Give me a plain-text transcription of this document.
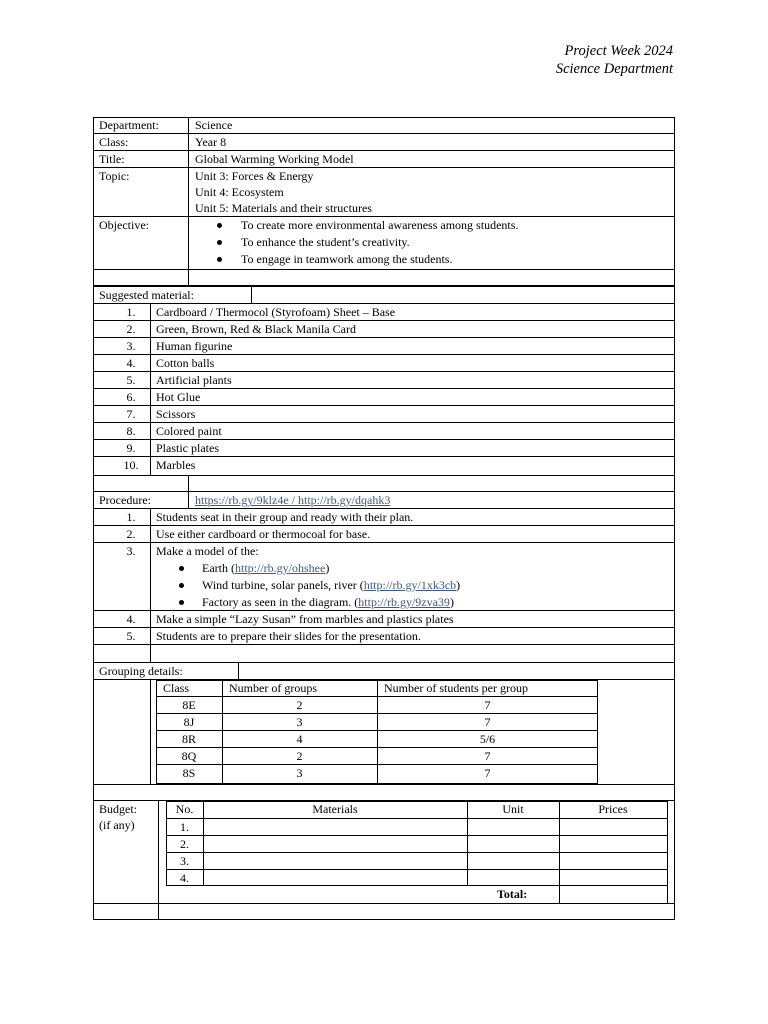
Project Week 2024
Science Department
Department:	Science
Class:	Year 8
Title:	Global Warming Working Model
Topic:	Unit 3: Forces & Energy
Unit 4: Ecosystem
Unit 5: Materials and their structures
Objective:	To create more environmental awareness among students.
To enhance the student’s creativity.
To engage in teamwork among the students.
Suggested material:
1.	Cardboard / Thermocol (Styrofoam) Sheet – Base
2.	Green, Brown, Red & Black Manila Card
3.	Human figurine
4.	Cotton balls
5.	Artificial plants
6.	Hot Glue
7.	Scissors
8.	Colored paint
9.	Plastic plates
10.	Marbles
Procedure:	https://rb.gy/9klz4e / http://rb.gy/dqahk3
1.	Students seat in their group and ready with their plan.
2.	Use either cardboard or thermocoal for base.
3.	Make a model of the:
Earth (http://rb.gy/ohshee)
Wind turbine, solar panels, river (http://rb.gy/1xk3cb)
Factory as seen in the diagram. (http://rb.gy/9zva39)
4.	Make a simple “Lazy Susan” from marbles and plastics plates
5.	Students are to prepare their slides for the presentation.
Grouping details:
Class	Number of groups	Number of students per group
8E	2	7
8J	3	7
8R	4	5/6
8Q	2	7
8S	3	7
Budget:
(if any)
No.	Materials	Unit	Prices
1.
2.
3.
4.
Total:
